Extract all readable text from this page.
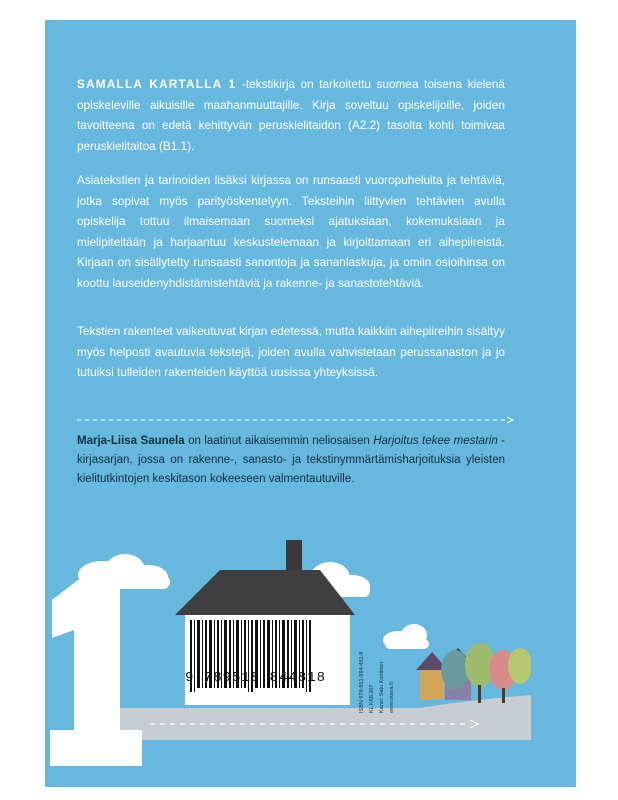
SAMALLA KARTALLA 1 -tekstikirja on tarkoitettu suomea toisena kielenä opiskeleville aikuisille maahanmuuttajille. Kirja soveltuu opiskelijoille, joiden tavoitteena on edetä kehittyvän peruskielitaidon (A2.2) tasolta kohti toimivaa peruskielitaitoa (B1.1).
Asiatekstien ja tarinoiden lisäksi kirjassa on runsaasti vuoropuheluita ja tehtäviä, jotka sopivat myös parityöskentelyyn. Teksteihin liittyvien tehtävien avulla opiskelija tottuu ilmaisemaan suomeksi ajatuksiaan, kokemuksiaan ja mielipiteitään ja harjaantuu keskustelemaan ja kirjoittamaan eri aihepiireistä. Kirjaan on sisällytetty runsaasti sanontoja ja sananlaskuja, ja omiin osioihinsa on koottu lauseidenyhdistämistehtäviä ja rakenne- ja sanastotehtäviä.
Tekstien rakenteet vaikeutuvat kirjan edetessä, mutta kaikkiin aihepiireihin sisältyy myös helposti avautuvia tekstejä, joiden avulla vahvistetaan perussanaston ja jo tutuiksi tulleiden rakenteiden käyttöä uusissa yhteyksissä.
Marja-Liisa Saunela on laatinut aikaisemmin neliosaisen Harjoitus tekee mestarin -kirjasarjan, jossa on rakenne-, sanasto- ja tekstinymmärtämisharjoituksia yleisten kielitutkintojen keskitason kokeeseen valmentautuville.
9 789518 844818	ISBN 978-951-884-481-8 KL K68.207 Kansi: Satu Kontinen www.otava.fi
